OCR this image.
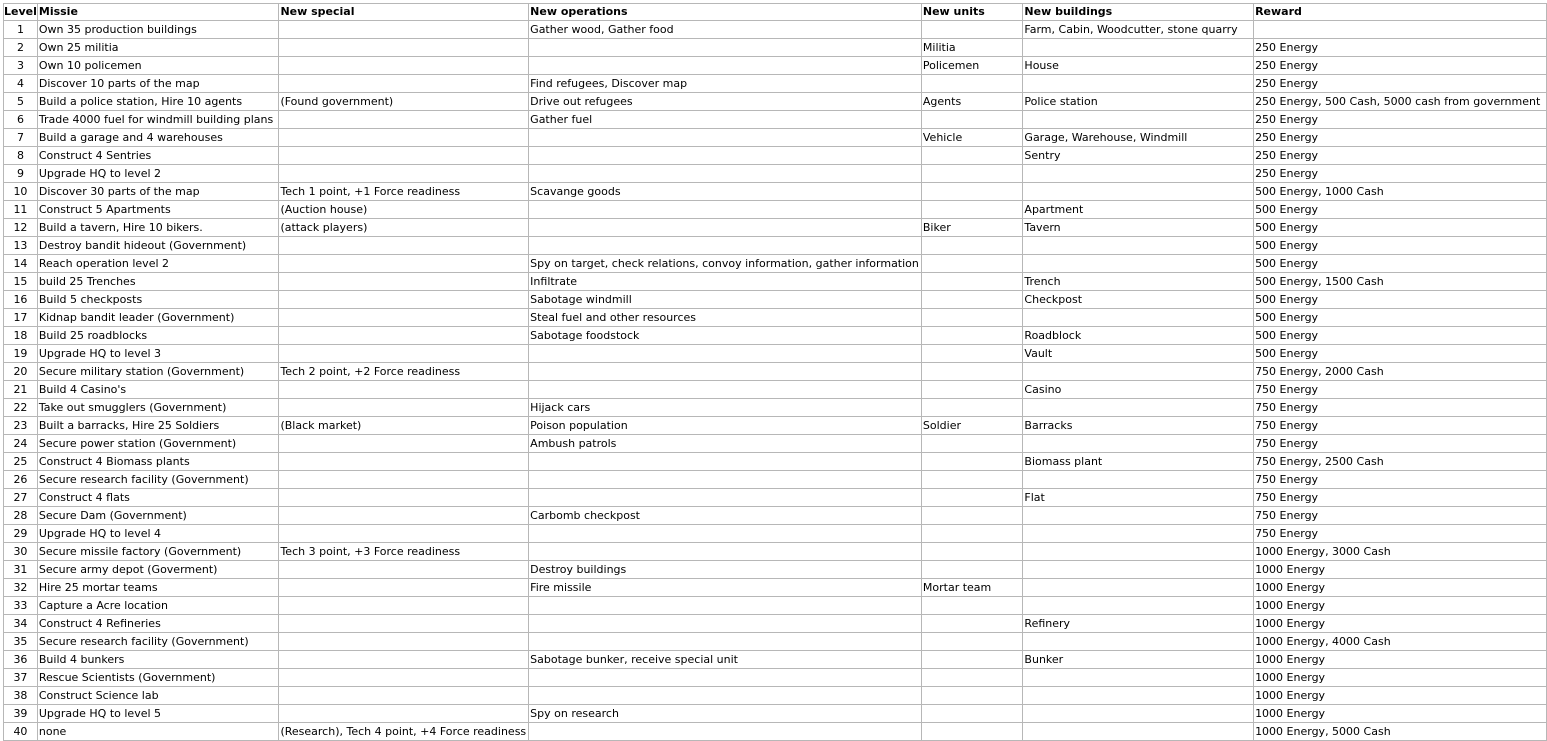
Level	Missie	New special	New operations	New units	New buildings	Reward
1	Own 35 production buildings		Gather wood, Gather food		Farm, Cabin, Woodcutter, stone quarry	
2	Own 25 militia			Militia		250 Energy
3	Own 10 policemen			Policemen	House	250 Energy
4	Discover 10 parts of the map		Find refugees, Discover map			250 Energy
5	Build a police station, Hire 10 agents	(Found government)	Drive out refugees	Agents	Police station	250 Energy, 500 Cash, 5000 cash from government
6	Trade 4000 fuel for windmill building plans		Gather fuel			250 Energy
7	Build a garage and 4 warehouses			Vehicle	Garage, Warehouse, Windmill	250 Energy
8	Construct 4 Sentries				Sentry	250 Energy
9	Upgrade HQ to level 2					250 Energy
10	Discover 30 parts of the map	Tech 1 point, +1 Force readiness	Scavange goods			500 Energy, 1000 Cash
11	Construct 5 Apartments	(Auction house)			Apartment	500 Energy
12	Build a tavern, Hire 10 bikers.	(attack players)		Biker	Tavern	500 Energy
13	Destroy bandit hideout (Government)					500 Energy
14	Reach operation level 2		Spy on target, check relations, convoy information, gather information			500 Energy
15	build 25 Trenches		Infiltrate		Trench	500 Energy, 1500 Cash
16	Build 5 checkposts		Sabotage windmill		Checkpost	500 Energy
17	Kidnap bandit leader (Government)		Steal fuel and other resources			500 Energy
18	Build 25 roadblocks		Sabotage foodstock		Roadblock	500 Energy
19	Upgrade HQ to level 3				Vault	500 Energy
20	Secure military station (Government)	Tech 2 point, +2 Force readiness				750 Energy, 2000 Cash
21	Build 4 Casino's				Casino	750 Energy
22	Take out smugglers (Government)		Hijack cars			750 Energy
23	Built a barracks, Hire 25 Soldiers	(Black market)	Poison population	Soldier	Barracks	750 Energy
24	Secure power station (Government)		Ambush patrols			750 Energy
25	Construct 4 Biomass plants				Biomass plant	750 Energy, 2500 Cash
26	Secure research facility (Government)					750 Energy
27	Construct 4 flats				Flat	750 Energy
28	Secure Dam (Government)		Carbomb checkpost			750 Energy
29	Upgrade HQ to level 4					750 Energy
30	Secure missile factory (Government)	Tech 3 point, +3 Force readiness				1000 Energy, 3000 Cash
31	Secure army depot (Goverment)		Destroy buildings			1000 Energy
32	Hire 25 mortar teams		Fire missile	Mortar team		1000 Energy
33	Capture a Acre location					1000 Energy
34	Construct 4 Refineries				Refinery	1000 Energy
35	Secure research facility (Government)					1000 Energy, 4000 Cash
36	Build 4 bunkers		Sabotage bunker, receive special unit		Bunker	1000 Energy
37	Rescue Scientists (Government)					1000 Energy
38	Construct Science lab					1000 Energy
39	Upgrade HQ to level 5		Spy on research			1000 Energy
40	none	(Research), Tech 4 point, +4 Force readiness				1000 Energy, 5000 Cash
